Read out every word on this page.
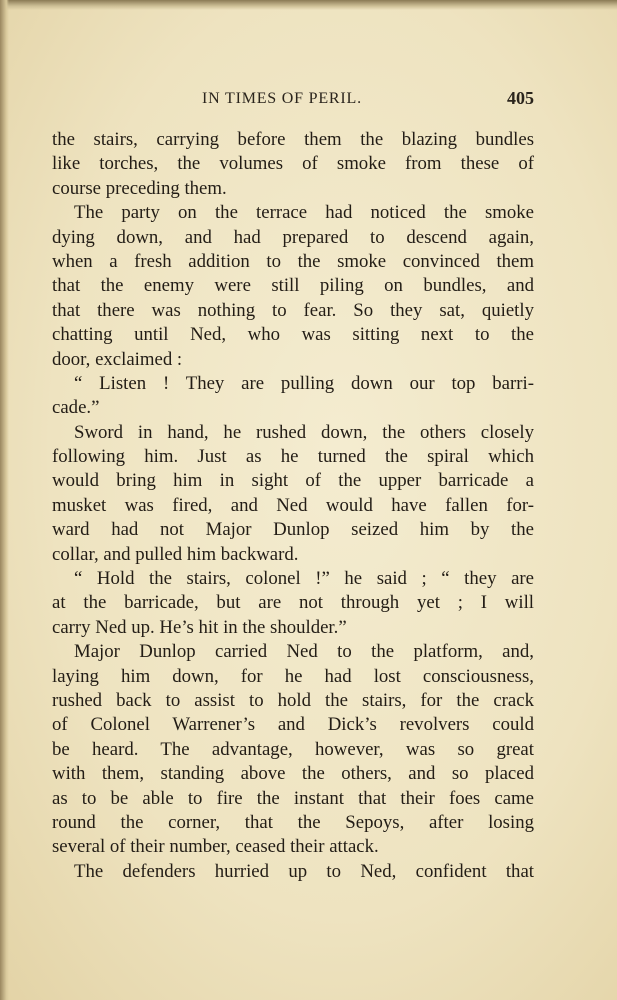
IN TIMES OF PERIL.	405
the stairs, carrying before them the blazing bundles
like torches, the volumes of smoke from these of
course preceding them.
The party on the terrace had noticed the smoke
dying down, and had prepared to descend again,
when a fresh addition to the smoke convinced them
that the enemy were still piling on bundles, and
that there was nothing to fear. So they sat, quietly
chatting until Ned, who was sitting next to the
door, exclaimed :
“ Listen ! They are pulling down our top barri-
cade.”
Sword in hand, he rushed down, the others closely
following him. Just as he turned the spiral which
would bring him in sight of the upper barricade a
musket was fired, and Ned would have fallen for-
ward had not Major Dunlop seized him by the
collar, and pulled him backward.
“ Hold the stairs, colonel !” he said ; “ they are
at the barricade, but are not through yet ; I will
carry Ned up. He’s hit in the shoulder.”
Major Dunlop carried Ned to the platform, and,
laying him down, for he had lost consciousness,
rushed back to assist to hold the stairs, for the crack
of Colonel Warrener’s and Dick’s revolvers could
be heard. The advantage, however, was so great
with them, standing above the others, and so placed
as to be able to fire the instant that their foes came
round the corner, that the Sepoys, after losing
several of their number, ceased their attack.
The defenders hurried up to Ned, confident that
